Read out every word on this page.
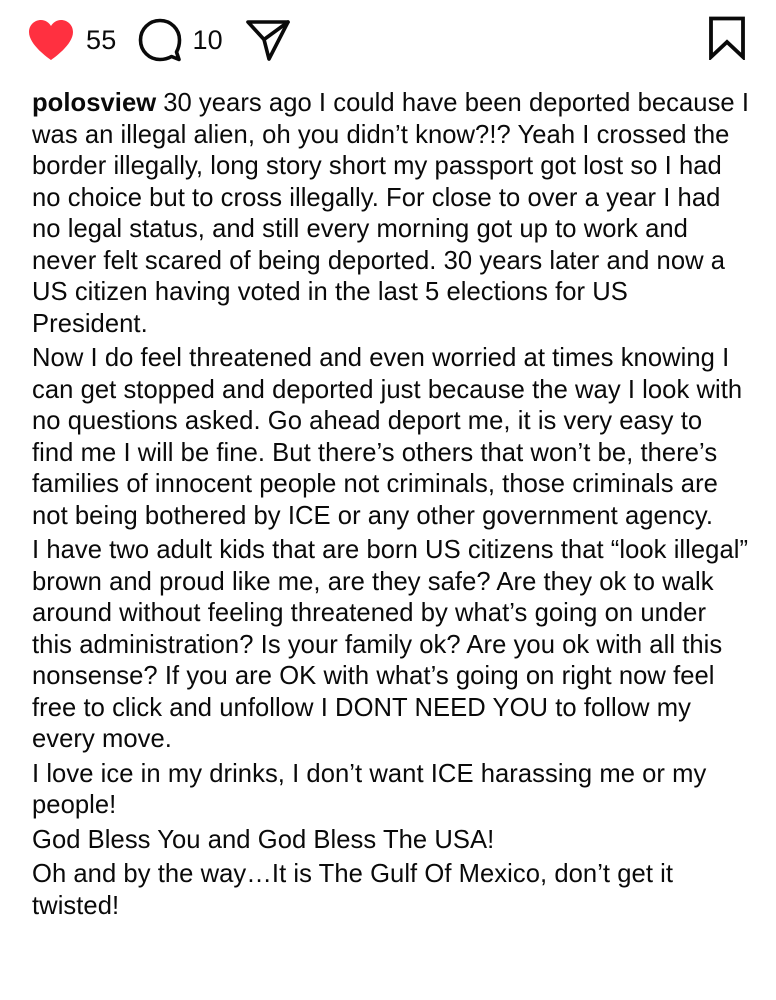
55	10

polosview 30 years ago I could have been deported because I was an illegal alien, oh you didn’t know?!? Yeah I crossed the border illegally, long story short my passport got lost so I had no choice but to cross illegally. For close to over a year I had no legal status, and still every morning got up to work and never felt scared of being deported. 30 years later and now a US citizen having voted in the last 5 elections for US President.

Now I do feel threatened and even worried at times knowing I can get stopped and deported just because the way I look with no questions asked. Go ahead deport me, it is very easy to find me I will be fine. But there’s others that won’t be, there’s families of innocent people not criminals, those criminals are not being bothered by ICE or any other government agency.

I have two adult kids that are born US citizens that “look illegal” brown and proud like me, are they safe? Are they ok to walk around without feeling threatened by what’s going on under this administration? Is your family ok? Are you ok with all this nonsense? If you are OK with what’s going on right now feel free to click and unfollow I DONT NEED YOU to follow my every move.

I love ice in my drinks, I don’t want ICE harassing me or my people!

God Bless You and God Bless The USA!

Oh and by the way…It is The Gulf Of Mexico, don’t get it twisted!
